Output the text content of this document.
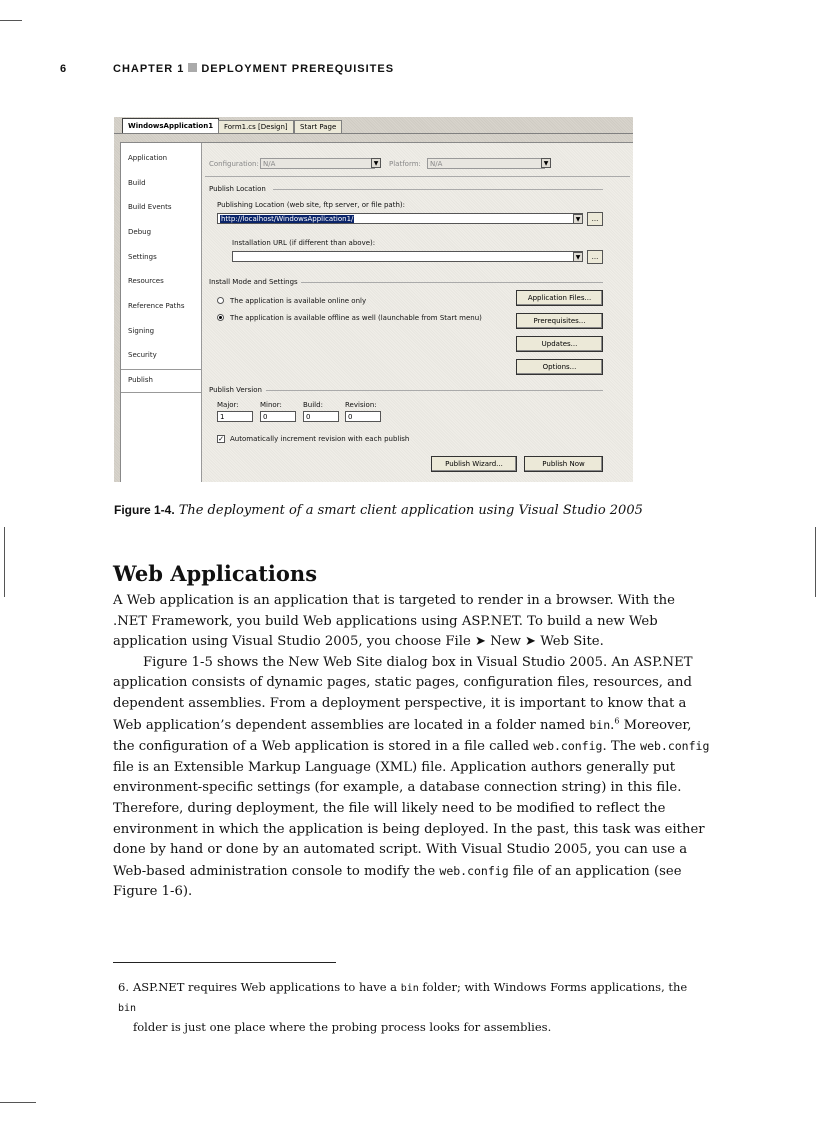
6	CHAPTER 1 DEPLOYMENT PREREQUISITES
WindowsApplication1	Form1.cs [Design]	Start Page
Application
Build
Build Events
Debug
Settings
Resources
Reference Paths
Signing
Security
Publish
Configuration: N/A	▼	Platform:	N/A	▼
Publish Location
Publishing Location (web site, ftp server, or file path):
http://localhost/WindowsApplication1/	▼	...
Installation URL (if different than above):
▼	...
Install Mode and Settings
The application is available online only
The application is available offline as well (launchable from Start menu)
Application Files...
Prerequisites...
Updates...
Options...
Publish Version
Major:	Minor:	Build:	Revision:
1	0	0	0
✓ Automatically increment revision with each publish
Publish Wizard...	Publish Now
Figure 1-4. The deployment of a smart client application using Visual Studio 2005
Web Applications

A Web application is an application that is targeted to render in a browser. With the .NET Framework, you build Web applications using ASP.NET. To build a new Web application using Visual Studio 2005, you choose File ➤ New ➤ Web Site.

Figure 1-5 shows the New Web Site dialog box in Visual Studio 2005. An ASP.NET application consists of dynamic pages, static pages, configuration files, resources, and dependent assemblies. From a deployment perspective, it is important to know that a Web application’s dependent assemblies are located in a folder named bin.$^6$ Moreover, the configuration of a Web application is stored in a file called web.config. The web.config file is an Extensible Markup Language (XML) file. Application authors generally put environment-specific settings (for example, a database connection string) in this file. Therefore, during deployment, the file will likely need to be modified to reflect the environment in which the application is being deployed. In the past, this task was either done by hand or done by an automated script. With Visual Studio 2005, you can use a Web-based administration console to modify the web.config file of an application (see Figure 1-6).

6. ASP.NET requires Web applications to have a bin folder; with Windows Forms applications, the bin
folder is just one place where the probing process looks for assemblies.
